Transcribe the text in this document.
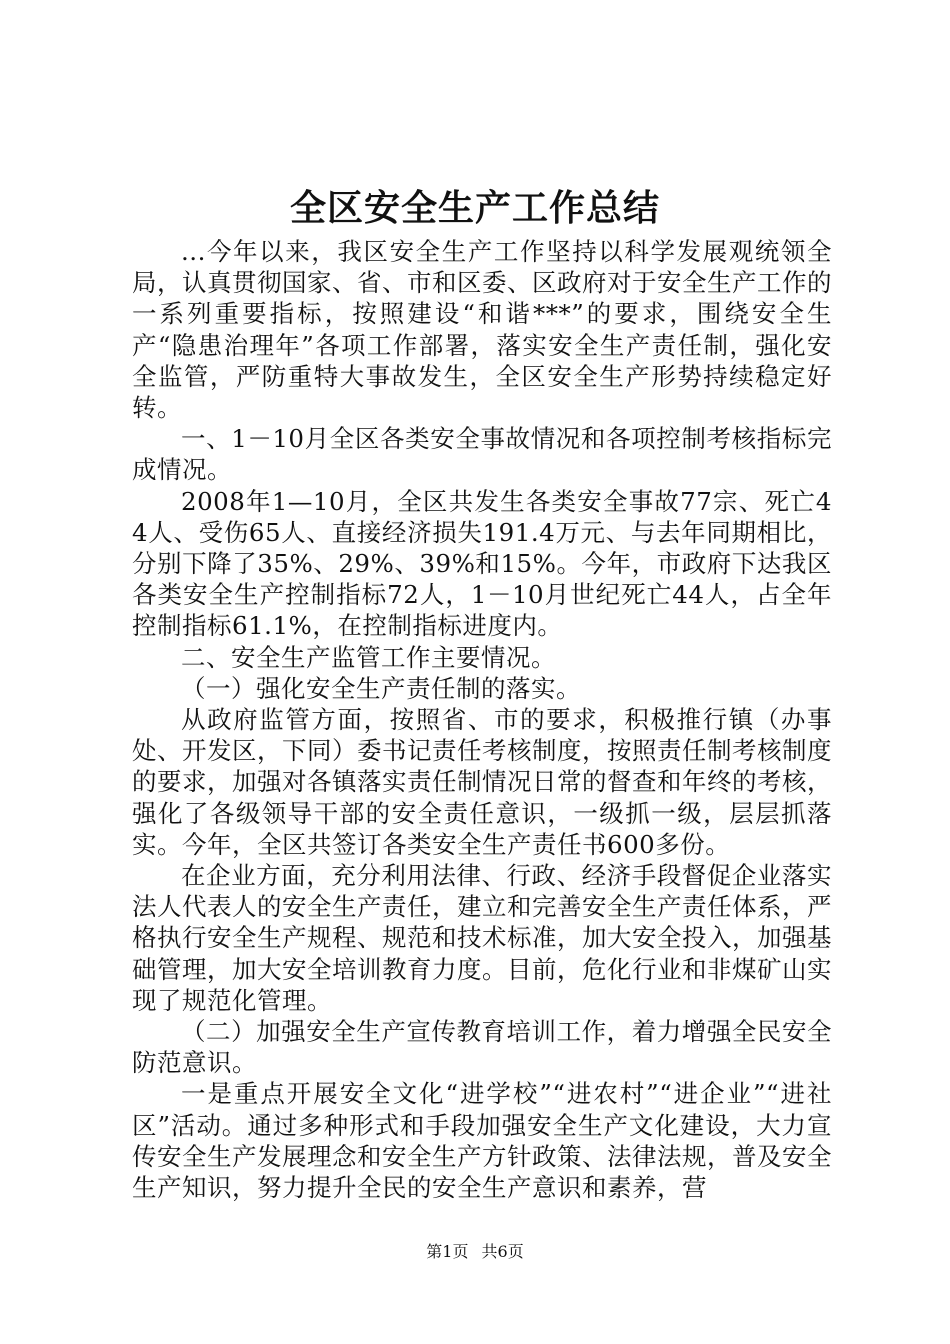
全区安全生产工作总结

...今年以来，我区安全生产工作坚持以科学发展观统领全局，认真贯彻国家、省、市和区委、区政府对于安全生产工作的一系列重要指标，按照建设“和谐***”的要求，围绕安全生产“隐患治理年”各项工作部署，落实安全生产责任制，强化安全监管，严防重特大事故发生，全区安全生产形势持续稳定好转。

一、1－10月全区各类安全事故情况和各项控制考核指标完成情况。

2008年1—10月，全区共发生各类安全事故77宗、死亡44人、受伤65人、直接经济损失191.4万元、与去年同期相比，分别下降了35%、29%、39%和15%。今年，市政府下达我区各类安全生产控制指标72人，1－10月世纪死亡44人，占全年控制指标61.1%，在控制指标进度内。

二、安全生产监管工作主要情况。

（一）强化安全生产责任制的落实。

从政府监管方面，按照省、市的要求，积极推行镇（办事处、开发区，下同）委书记责任考核制度，按照责任制考核制度的要求，加强对各镇落实责任制情况日常的督查和年终的考核，强化了各级领导干部的安全责任意识，一级抓一级，层层抓落实。今年，全区共签订各类安全生产责任书600多份。

在企业方面，充分利用法律、行政、经济手段督促企业落实法人代表人的安全生产责任，建立和完善安全生产责任体系，严格执行安全生产规程、规范和技术标准，加大安全投入，加强基础管理，加大安全培训教育力度。目前，危化行业和非煤矿山实现了规范化管理。

（二）加强安全生产宣传教育培训工作，着力增强全民安全防范意识。

一是重点开展安全文化“进学校”“进农村”“进企业”“进社区”活动。通过多种形式和手段加强安全生产文化建设，大力宣传安全生产发展理念和安全生产方针政策、法律法规，普及安全生产知识，努力提升全民的安全生产意识和素养，营

第1页 共6页
